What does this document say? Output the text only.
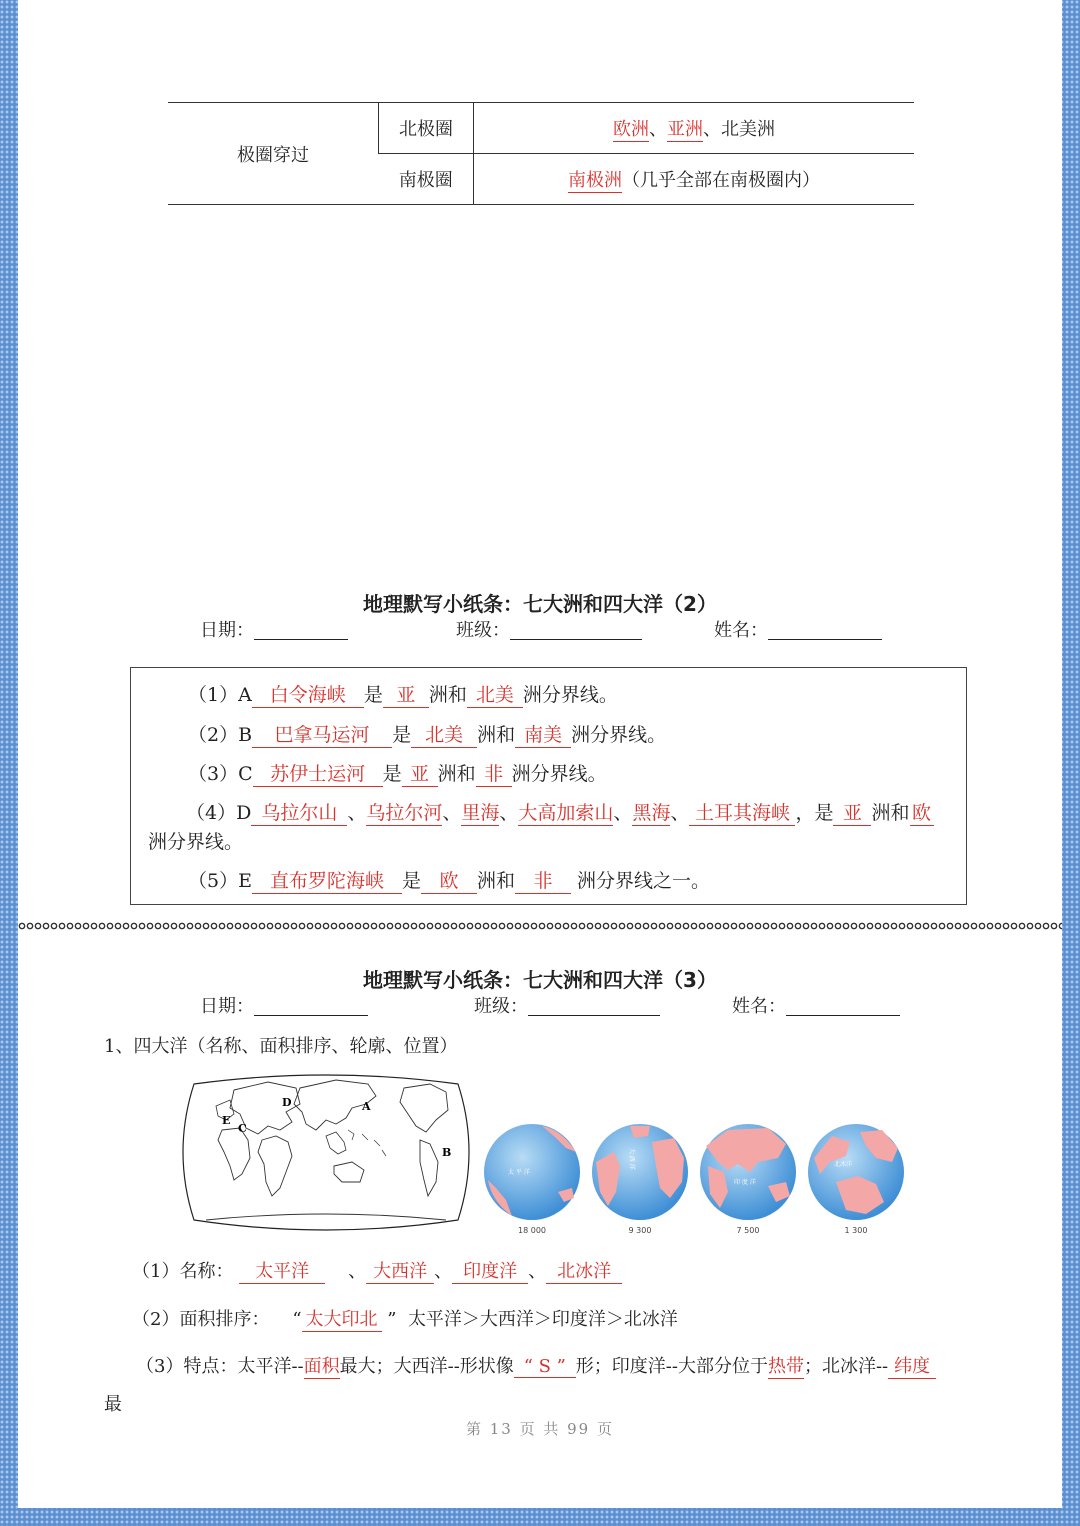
极圈穿过	北极圈	欧洲、亚洲、北美洲
	南极圈	南极洲（几乎全部在南极圈内）
地理默写小纸条：七大洲和四大洋（2）
日期：	班级：	姓名：
（1）A 白令海峡 是 亚 洲和 北美 洲分界线。
（2）B 巴拿马运河 是 北美 洲和 南美 洲分界线。
（3）C 苏伊士运河 是 亚 洲和 非 洲分界线。
（4）D 乌拉尔山 、乌拉尔河、里海、大高加索山、黑海、 土耳其海峡 ，是 亚 洲和 欧
洲分界线。
（5）E 直布罗陀海峡 是 欧 洲和 非 洲分界线之一。
地理默写小纸条：七大洲和四大洋（3）
日期：	班级：	姓名：
1、四大洋（名称、面积排序、轮廓、位置）
D	A
B
C
E
太 平 洋
18 000
大 西 洋
9 300
印 度 洋
7 500
北冰洋
1 300
（1）名称： 太平洋    、 大西洋 、 印度洋 、 北冰洋
（2）面积排序： “ 太大印北 ” 太平洋＞大西洋＞印度洋＞北冰洋
（3）特点：太平洋--面积最大；大西洋--形状像 “ S ” 形；印度洋--大部分位于热带；北冰洋-- 纬度
最
第 13 页 共 99 页
